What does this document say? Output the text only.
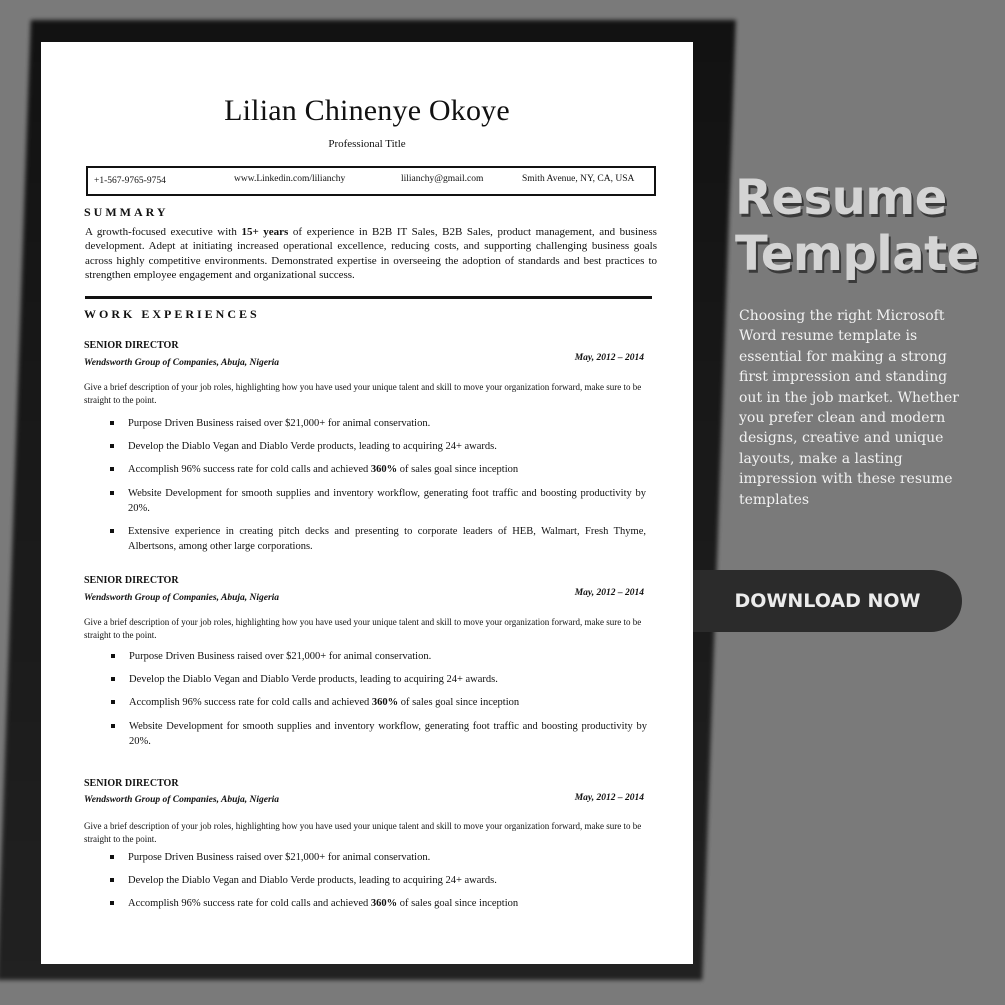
Lilian Chinenye Okoye
Professional Title
+1-567-9765-9754	www.Linkedin.com/lilianchy	lilianchy@gmail.com	Smith Avenue, NY, CA, USA
SUMMARY
A growth-focused executive with 15+ years of experience in B2B IT Sales, B2B Sales, product management, and business development. Adept at initiating increased operational excellence, reducing costs, and supporting challenging business goals across highly competitive environments. Demonstrated expertise in overseeing the adoption of standards and best practices to strengthen employee engagement and organizational success.
WORK EXPERIENCES
SENIOR DIRECTOR
Wendsworth Group of Companies, Abuja, Nigeria	May, 2012 – 2014
Give a brief description of your job roles, highlighting how you have used your unique talent and skill to move your organization forward, make sure to be straight to the point.
Purpose Driven Business raised over $21,000+ for animal conservation.
Develop the Diablo Vegan and Diablo Verde products, leading to acquiring 24+ awards.
Accomplish 96% success rate for cold calls and achieved 360% of sales goal since inception
Website Development for smooth supplies and inventory workflow, generating foot traffic and boosting productivity by 20%.
Extensive experience in creating pitch decks and presenting to corporate leaders of HEB, Walmart, Fresh Thyme, Albertsons, among other large corporations.
SENIOR DIRECTOR
Wendsworth Group of Companies, Abuja, Nigeria	May, 2012 – 2014
Give a brief description of your job roles, highlighting how you have used your unique talent and skill to move your organization forward, make sure to be straight to the point.
Purpose Driven Business raised over $21,000+ for animal conservation.
Develop the Diablo Vegan and Diablo Verde products, leading to acquiring 24+ awards.
Accomplish 96% success rate for cold calls and achieved 360% of sales goal since inception
Website Development for smooth supplies and inventory workflow, generating foot traffic and boosting productivity by 20%.
SENIOR DIRECTOR
Wendsworth Group of Companies, Abuja, Nigeria	May, 2012 – 2014
Give a brief description of your job roles, highlighting how you have used your unique talent and skill to move your organization forward, make sure to be straight to the point.
Purpose Driven Business raised over $21,000+ for animal conservation.
Develop the Diablo Vegan and Diablo Verde products, leading to acquiring 24+ awards.
Accomplish 96% success rate for cold calls and achieved 360% of sales goal since inception
Resume
Template
Choosing the right Microsoft Word resume template is essential for making a strong first impression and standing out in the job market. Whether you prefer clean and modern designs, creative and unique layouts, make a lasting impression with these resume templates
DOWNLOAD NOW
